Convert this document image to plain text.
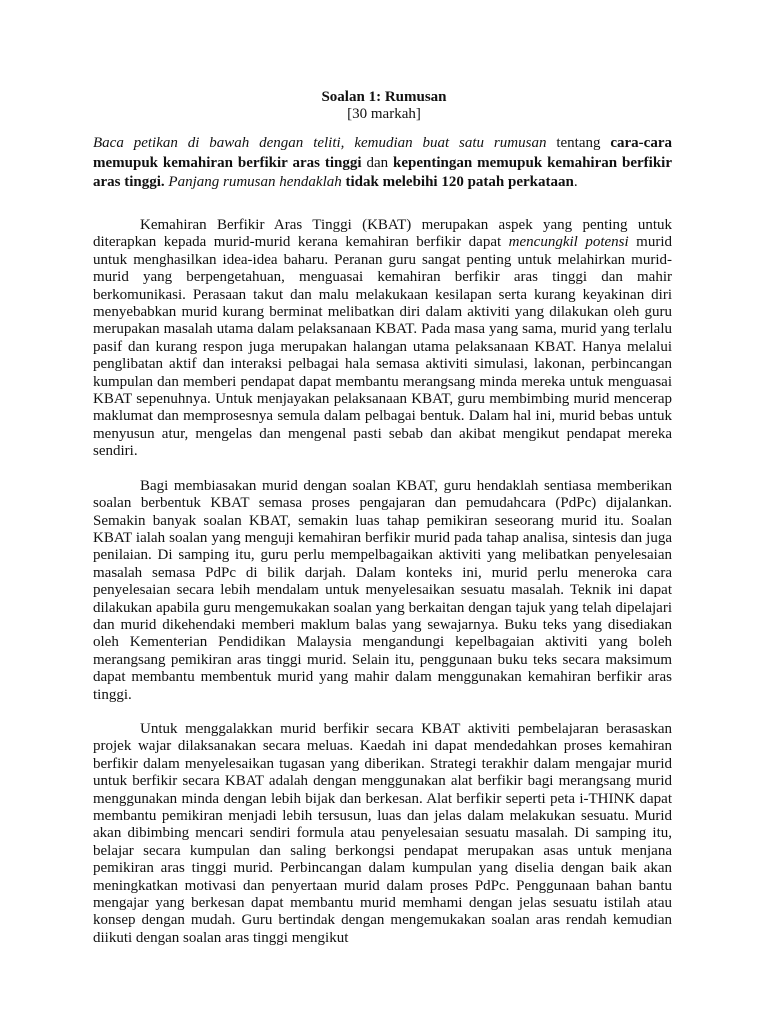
Soalan 1: Rumusan
[30 markah]
Baca petikan di bawah dengan teliti, kemudian buat satu rumusan tentang cara-cara memupuk kemahiran berfikir aras tinggi dan kepentingan memupuk kemahiran berfikir aras tinggi. Panjang rumusan hendaklah tidak melebihi 120 patah perkataan.

Kemahiran Berfikir Aras Tinggi (KBAT) merupakan aspek yang penting untuk diterapkan kepada murid-murid kerana kemahiran berfikir dapat mencungkil potensi murid untuk menghasilkan idea-idea baharu. Peranan guru sangat penting untuk melahirkan murid-murid yang berpengetahuan, menguasai kemahiran berfikir aras tinggi dan mahir berkomunikasi. Perasaan takut dan malu melakukaan kesilapan serta kurang keyakinan diri menyebabkan murid kurang berminat melibatkan diri dalam aktiviti yang dilakukan oleh guru merupakan masalah utama dalam pelaksanaan KBAT. Pada masa yang sama, murid yang terlalu pasif dan kurang respon juga merupakan halangan utama pelaksanaan KBAT. Hanya melalui penglibatan aktif dan interaksi pelbagai hala semasa aktiviti simulasi, lakonan, perbincangan kumpulan dan memberi pendapat dapat membantu merangsang minda mereka untuk menguasai KBAT sepenuhnya. Untuk menjayakan pelaksanaan KBAT, guru membimbing murid mencerap maklumat dan memprosesnya semula dalam pelbagai bentuk. Dalam hal ini, murid bebas untuk menyusun atur, mengelas dan mengenal pasti sebab dan akibat mengikut pendapat mereka sendiri.

Bagi membiasakan murid dengan soalan KBAT, guru hendaklah sentiasa memberikan soalan berbentuk KBAT semasa proses pengajaran dan pemudahcara (PdPc) dijalankan. Semakin banyak soalan KBAT, semakin luas tahap pemikiran seseorang murid itu. Soalan KBAT ialah soalan yang menguji kemahiran berfikir murid pada tahap analisa, sintesis dan juga penilaian. Di samping itu, guru perlu mempelbagaikan aktiviti yang melibatkan penyelesaian masalah semasa PdPc di bilik darjah. Dalam konteks ini, murid perlu meneroka cara penyelesaian secara lebih mendalam untuk menyelesaikan sesuatu masalah. Teknik ini dapat dilakukan apabila guru mengemukakan soalan yang berkaitan dengan tajuk yang telah dipelajari dan murid dikehendaki memberi maklum balas yang sewajarnya. Buku teks yang disediakan oleh Kementerian Pendidikan Malaysia mengandungi kepelbagaian aktiviti yang boleh merangsang pemikiran aras tinggi murid. Selain itu, penggunaan buku teks secara maksimum dapat membantu membentuk murid yang mahir dalam menggunakan kemahiran berfikir aras tinggi.

Untuk menggalakkan murid berfikir secara KBAT aktiviti pembelajaran berasaskan projek wajar dilaksanakan secara meluas. Kaedah ini dapat mendedahkan proses kemahiran berfikir dalam menyelesaikan tugasan yang diberikan. Strategi terakhir dalam mengajar murid untuk berfikir secara KBAT adalah dengan menggunakan alat berfikir bagi merangsang murid menggunakan minda dengan lebih bijak dan berkesan. Alat berfikir seperti peta i-THINK dapat membantu pemikiran menjadi lebih tersusun, luas dan jelas dalam melakukan sesuatu. Murid akan dibimbing mencari sendiri formula atau penyelesaian sesuatu masalah. Di samping itu, belajar secara kumpulan dan saling berkongsi pendapat merupakan asas untuk menjana pemikiran aras tinggi murid. Perbincangan dalam kumpulan yang diselia dengan baik akan meningkatkan motivasi dan penyertaan murid dalam proses PdPc. Penggunaan bahan bantu mengajar yang berkesan dapat membantu murid memhami dengan jelas sesuatu istilah atau konsep dengan mudah. Guru bertindak dengan mengemukakan soalan aras rendah kemudian diikuti dengan soalan aras tinggi mengikut
